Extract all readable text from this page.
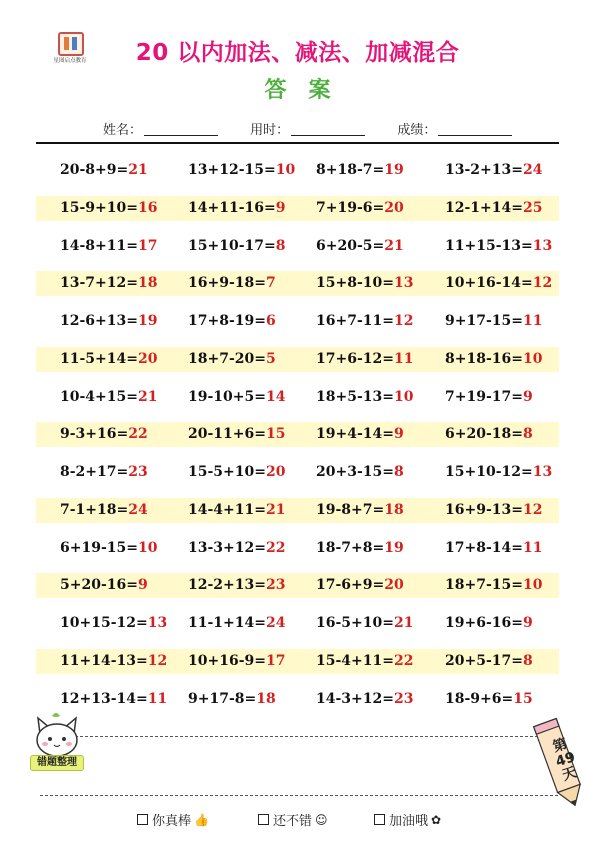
星图启点教育	20 以内加法、减法、加减混合
答案
姓名：	用时：	成绩：
20-8+9=21	13+12-15=10 8+18-7=19	13-2+13=24
15-9+10=16 14+11-16=9 7+19-6=20	12-1+14=25
14-8+11=17 15+10-17=8 6+20-5=21	11+15-13=13
13-7+12=18 16+9-18=7	15+8-10=13 10+16-14=12
12-6+13=19 17+8-19=6	16+7-11=12 9+17-15=11
11-5+14=20 18+7-20=5	17+6-12=11 8+18-16=10
10-4+15=21 19-10+5=14 18+5-13=10 7+19-17=9
9-3+16=22	20-11+6=15 19+4-14=9	6+20-18=8
8-2+17=23	15-5+10=20 20+3-15=8	15+10-12=13
7-1+18=24	14-4+11=21 19-8+7=18	16+9-13=12
6+19-15=10 13-3+12=22 18-7+8=19	17+8-14=11
5+20-16=9	12-2+13=23 17-6+9=20	18+7-15=10
10+15-12=13 11-1+14=24 16-5+10=21 19+6-16=9
11+14-13=12 10+16-9=17 15-4+11=22 20+5-17=8
12+13-14=11 9+17-8=18	14-3+12=23 18-9+6=15
错题整理
第49天
你真棒 👍	还不错 ☺	加油哦 ✿
